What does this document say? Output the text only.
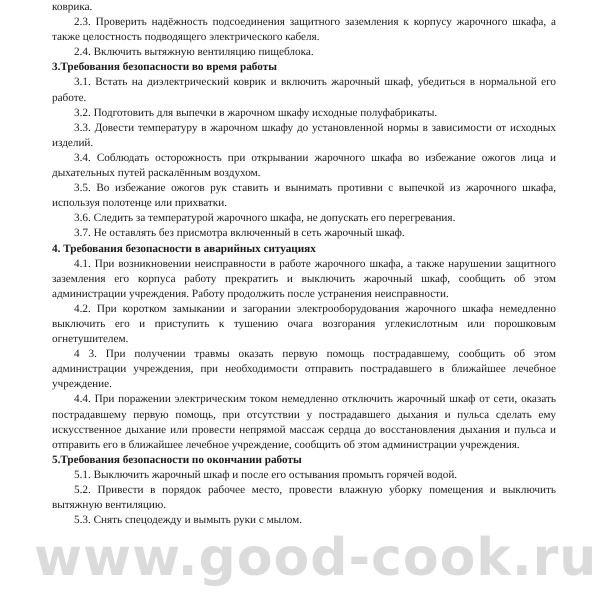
коврика.

2.3. Проверить надёжность подсоединения защитного заземления к корпусу жарочного шкафа, а также целостность подводящего электрического кабеля.

2.4. Включить вытяжную вентиляцию пищеблока.

3.Требования безопасности во время работы

3.1. Встать на диэлектрический коврик и включить жарочный шкаф, убедиться в нормальной его работе.

3.2. Подготовить для выпечки в жарочном шкафу исходные полуфабрикаты.

3.3. Довести температуру в жарочном шкафу до установленной нормы в зависимости от исходных изделий.

3.4. Соблюдать осторожность при открывании жарочного шкафа во избежание ожогов лица и дыхательных путей раскалённым воздухом.

3.5. Во избежание ожогов рук ставить и вынимать противни с выпечкой из жарочного шкафа, используя полотенце или прихватки.

3.6. Следить за температурой жарочного шкафа, не допускать его перегревания.

3.7. Не оставлять без присмотра включенный в сеть жарочный шкаф.

4. Требования безопасности в аварийных ситуациях

4.1. При возникновении неисправности в работе жарочного шкафа, а также нарушении защитного заземления его корпуса работу прекратить и выключить жарочный шкаф, сообщить об этом администрации учреждения. Работу продолжить после устранения неисправности.

4.2. При коротком замыкании и загорании электрооборудования жарочного шкафа немедленно выключить его и приступить к тушению очага возгорания углекислотным или порошковым огнетушителем.

4 3. При получении травмы оказать первую помощь пострадавшему, сообщить об этом администрации учреждения, при необходимости отправить пострадавшего в ближайшее лечебное учреждение.

4.4. При поражении электрическим током немедленно отключить жарочный шкаф от сети, оказать пострадавшему первую помощь, при отсутствии у пострадавшего дыхания и пульса сделать ему искусственное дыхание или провести непрямой массаж сердца до восстановления дыхания и пульса и отправить его в ближайшее лечебное учреждение, сообщить об этом администрации учреждения.

5.Требования безопасности по окончании работы

5.1. Выключить жарочный шкаф и после его остывания промыть горячей водой.

5.2. Привести в порядок рабочее место, провести влажную уборку помещения и выключить вытяжную вентиляцию.

5.3. Снять спецодежду и вымыть руки с мылом.

www.good-cook.ru
